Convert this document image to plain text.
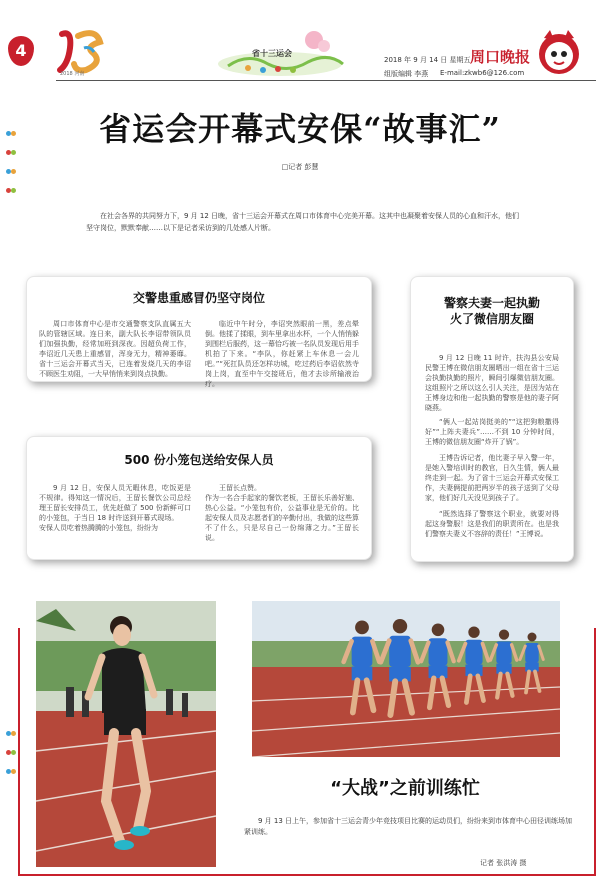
4
2018 河南
省十三运会
2018 年 9 月 14 日 星期五 周口晚报
组版编辑 李燕 E-mail:zkwb6@126.com
省运会开幕式安保“故事汇”
□记者 彭慧
在社会各界的共同努力下，9 月 12 日晚，省十三运会开幕式在周口市体育中心完美开幕。这其中也凝聚着安保人员的心血和汗水，他们坚守岗位，默默奉献……以下是记者采访到的几处感人片断。
交警患重感冒仍坚守岗位
周口市体育中心是市交通警察支队直属五大队的管辖区域。连日来，副大队长李诏带领队员们加强执勤，经常加班到深夜。因超负荷工作，李诏近几天患上重感冒，浑身无力，精神萎靡。省十三运会开幕式当天，已连着发烧几天的李诏不顾医生劝阻，一大早悄悄来到岗点执勤。
临近中午时分，李诏突然眼前一黑，差点晕倒。他揉了揉眼，到车里拿出水杯，一个人悄悄躲到围栏后服药，这一幕恰巧被一名队员发现后用手机拍了下来。“李队，你赶紧上车休息一会儿吧。”“死扛队员还怎样功城，吃过药后李诏依然寺岗上岗，直至中午交接班后，他才去诊所输液治疗。
500 份小笼包送给安保人员
9 月 12 日，安保人员无暇休息，吃饭更是不规律。得知这一情况后，王留长餐饮公司总经理王留长安排员工，优先赶做了 500 份新鲜可口的小笼包，于当日 18 时许送到开幕式现场。
安保人员吃着热腾腾的小笼包，纷纷为
王留长点赞。
作为一名合手起家的餐饮老板，王留长乐善好施、热心公益。“小笼包有价，公益事业是无价的。比起安保人员及志愿者们的辛勤付出，我做的这些算不了什么，只是尽自己一份绵薄之力。”王留长说。
警察夫妻一起执勤
火了微信朋友圈
9 月 12 日晚 11 时许，扶沟县公安局民警王博在微信朋友圈晒出一组在省十三运会执勤执勤的照片，瞬间引爆微信朋友圈。这组照片之所以这么引人关注，是因为站在王博身边和他一起执勤的警察是他的妻子阿晓燕。
“俩人一起站岗挺美的”“这把狗粮撒得好”“上阵夫妻兵”……不到 10 分钟时间，王博的微信朋友圈“炸开了锅”。
王博告诉记者，他比妻子早入警一年，是她入警培训时的教官，日久生情，俩人最终走到一起。为了省十三运会开幕式安保工作，夫妻俩提前把两岁半的孩子送到了父母家，他们好几天没见到孩子了。
“既然选择了警察这个职业，就要对得起这身警服！这是我们的职责所在。也是我们警察夫妻义不容辞的责任！”王博说。
“大战”之前训练忙
9 月 13 日上午，参加省十三运会青少年竞技项目比赛的运动员们，纷纷来到市体育中心田径训练场加紧训练。
记者 张洪涛 摄
